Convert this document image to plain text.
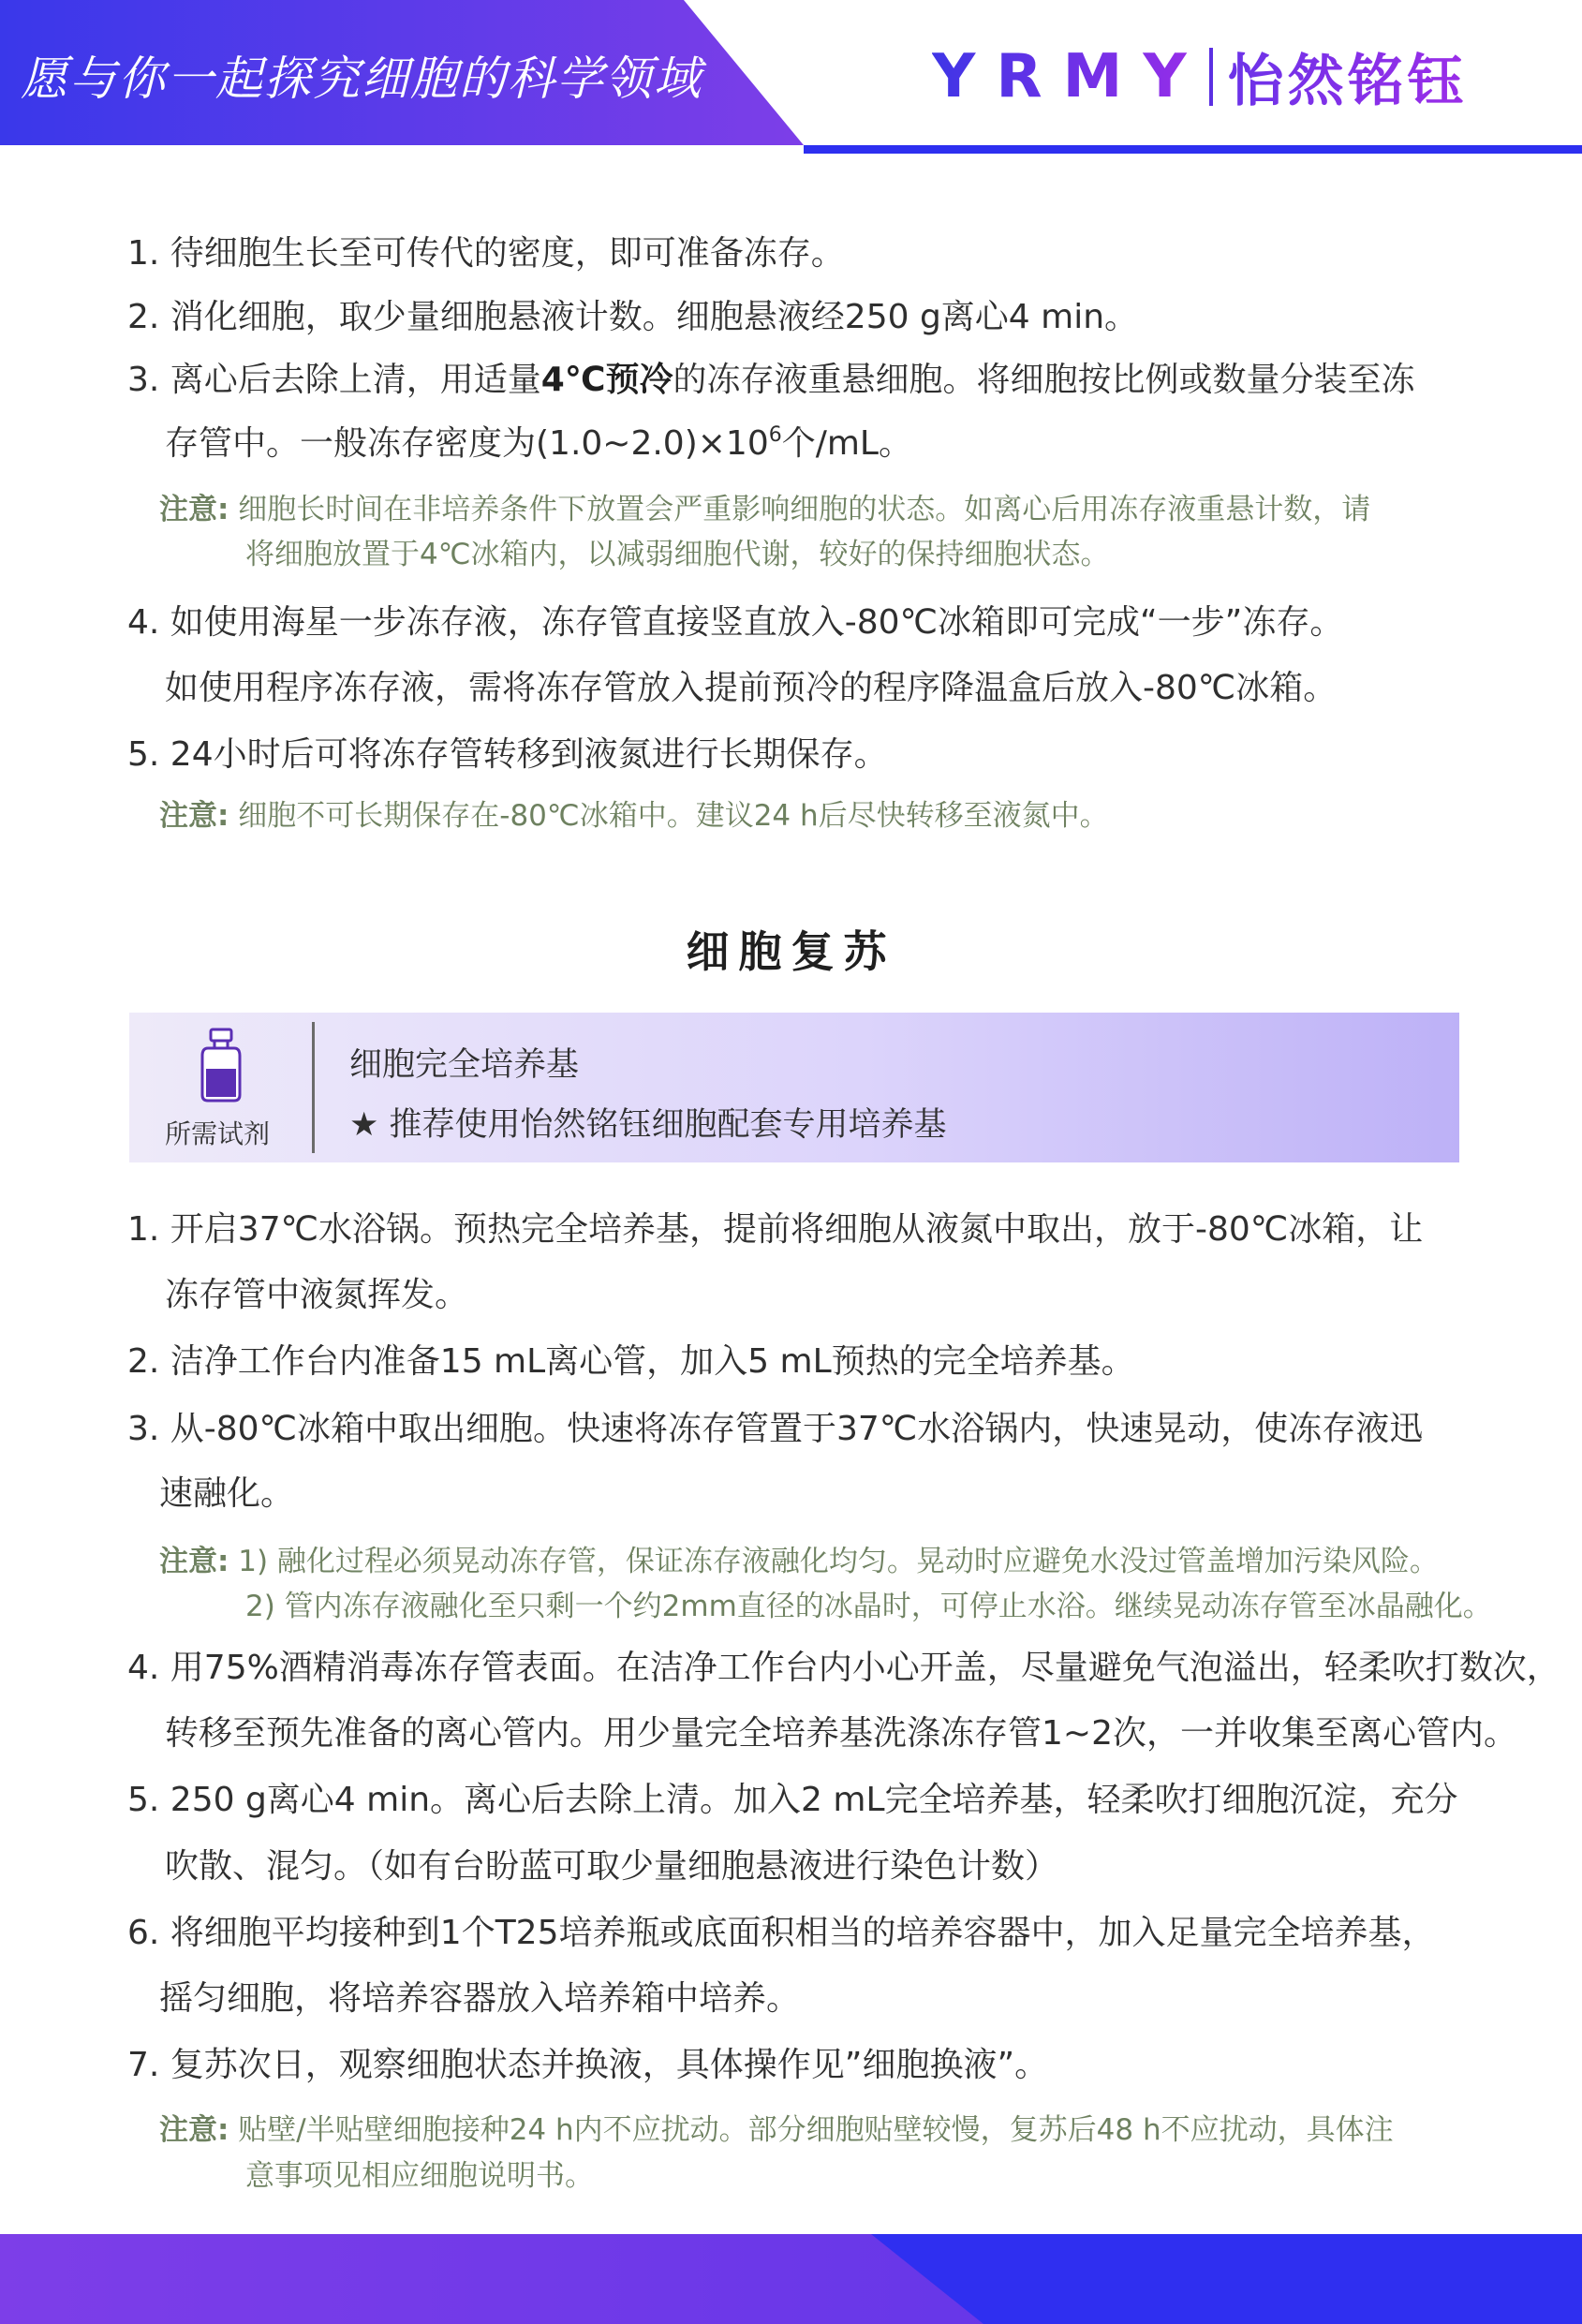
愿与你一起探究细胞的科学领域	YRMY 怡然铭钰
1. 待细胞生长至可传代的密度，即可准备冻存。
2. 消化细胞，取少量细胞悬液计数。细胞悬液经250 g离心4 min。
3. 离心后去除上清，用适量4℃预冷的冻存液重悬细胞。将细胞按比例或数量分装至冻
存管中。一般冻存密度为$(1.0\sim 2.0)\times 10^6$个/mL。
注意: 细胞长时间在非培养条件下放置会严重影响细胞的状态。如离心后用冻存液重悬计数，请
将细胞放置于4℃冰箱内，以减弱细胞代谢，较好的保持细胞状态。
4. 如使用海星一步冻存液，冻存管直接竖直放入-80℃冰箱即可完成“一步”冻存。
如使用程序冻存液，需将冻存管放入提前预冷的程序降温盒后放入-80℃冰箱。
5. 24小时后可将冻存管转移到液氮进行长期保存。
注意: 细胞不可长期保存在-80℃冰箱中。建议24 h后尽快转移至液氮中。
细胞复苏
所需试剂
细胞完全培养基
★ 推荐使用怡然铭钰细胞配套专用培养基
1. 开启37℃水浴锅。预热完全培养基，提前将细胞从液氮中取出，放于-80℃冰箱，让
冻存管中液氮挥发。
2. 洁净工作台内准备15 mL离心管，加入5 mL预热的完全培养基。
3. 从-80℃冰箱中取出细胞。快速将冻存管置于37℃水浴锅内，快速晃动，使冻存液迅
速融化。
注意: 1) 融化过程必须晃动冻存管，保证冻存液融化均匀。晃动时应避免水没过管盖增加污染风险。
2) 管内冻存液融化至只剩一个约2mm直径的冰晶时，可停止水浴。继续晃动冻存管至冰晶融化。
4. 用75%酒精消毒冻存管表面。在洁净工作台内小心开盖，尽量避免气泡溢出，轻柔吹打数次，
转移至预先准备的离心管内。用少量完全培养基洗涤冻存管1~2次，一并收集至离心管内。
5. 250 g离心4 min。离心后去除上清。加入2 mL完全培养基，轻柔吹打细胞沉淀，充分
吹散、混匀。（如有台盼蓝可取少量细胞悬液进行染色计数）
6. 将细胞平均接种到1个T25培养瓶或底面积相当的培养容器中，加入足量完全培养基，
摇匀细胞，将培养容器放入培养箱中培养。
7. 复苏次日，观察细胞状态并换液，具体操作见”细胞换液”。
注意: 贴壁/半贴壁细胞接种24 h内不应扰动。部分细胞贴壁较慢，复苏后48 h不应扰动，具体注
意事项见相应细胞说明书。
